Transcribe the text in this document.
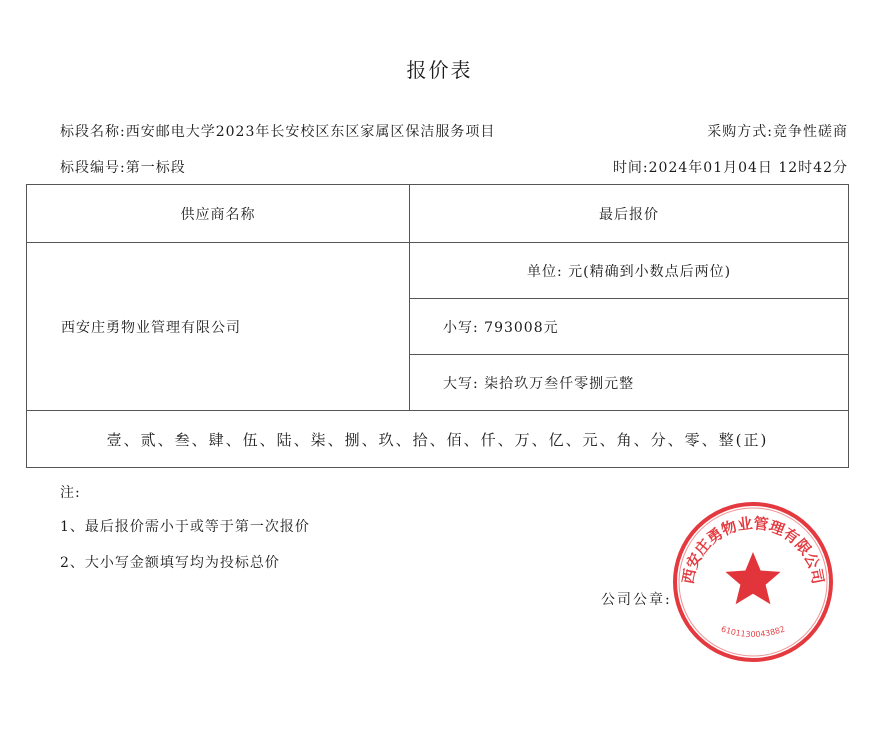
报价表
标段名称:西安邮电大学2023年长安校区东区家属区保洁服务项目	采购方式:竞争性磋商
标段编号:第一标段	时间:2024年01月04日 12时42分
供应商名称	最后报价
西安庄勇物业管理有限公司	单位: 元(精确到小数点后两位)
	小写: 793008元
	大写: 柒拾玖万叁仟零捌元整
壹、贰、叁、肆、伍、陆、柒、捌、玖、拾、佰、仟、万、亿、元、角、分、零、整(正)	
注:
1、最后报价需小于或等于第一次报价
2、大小写金额填写均为投标总价
公司公章:
西安庄勇物业管理有限公司
6101130043882
